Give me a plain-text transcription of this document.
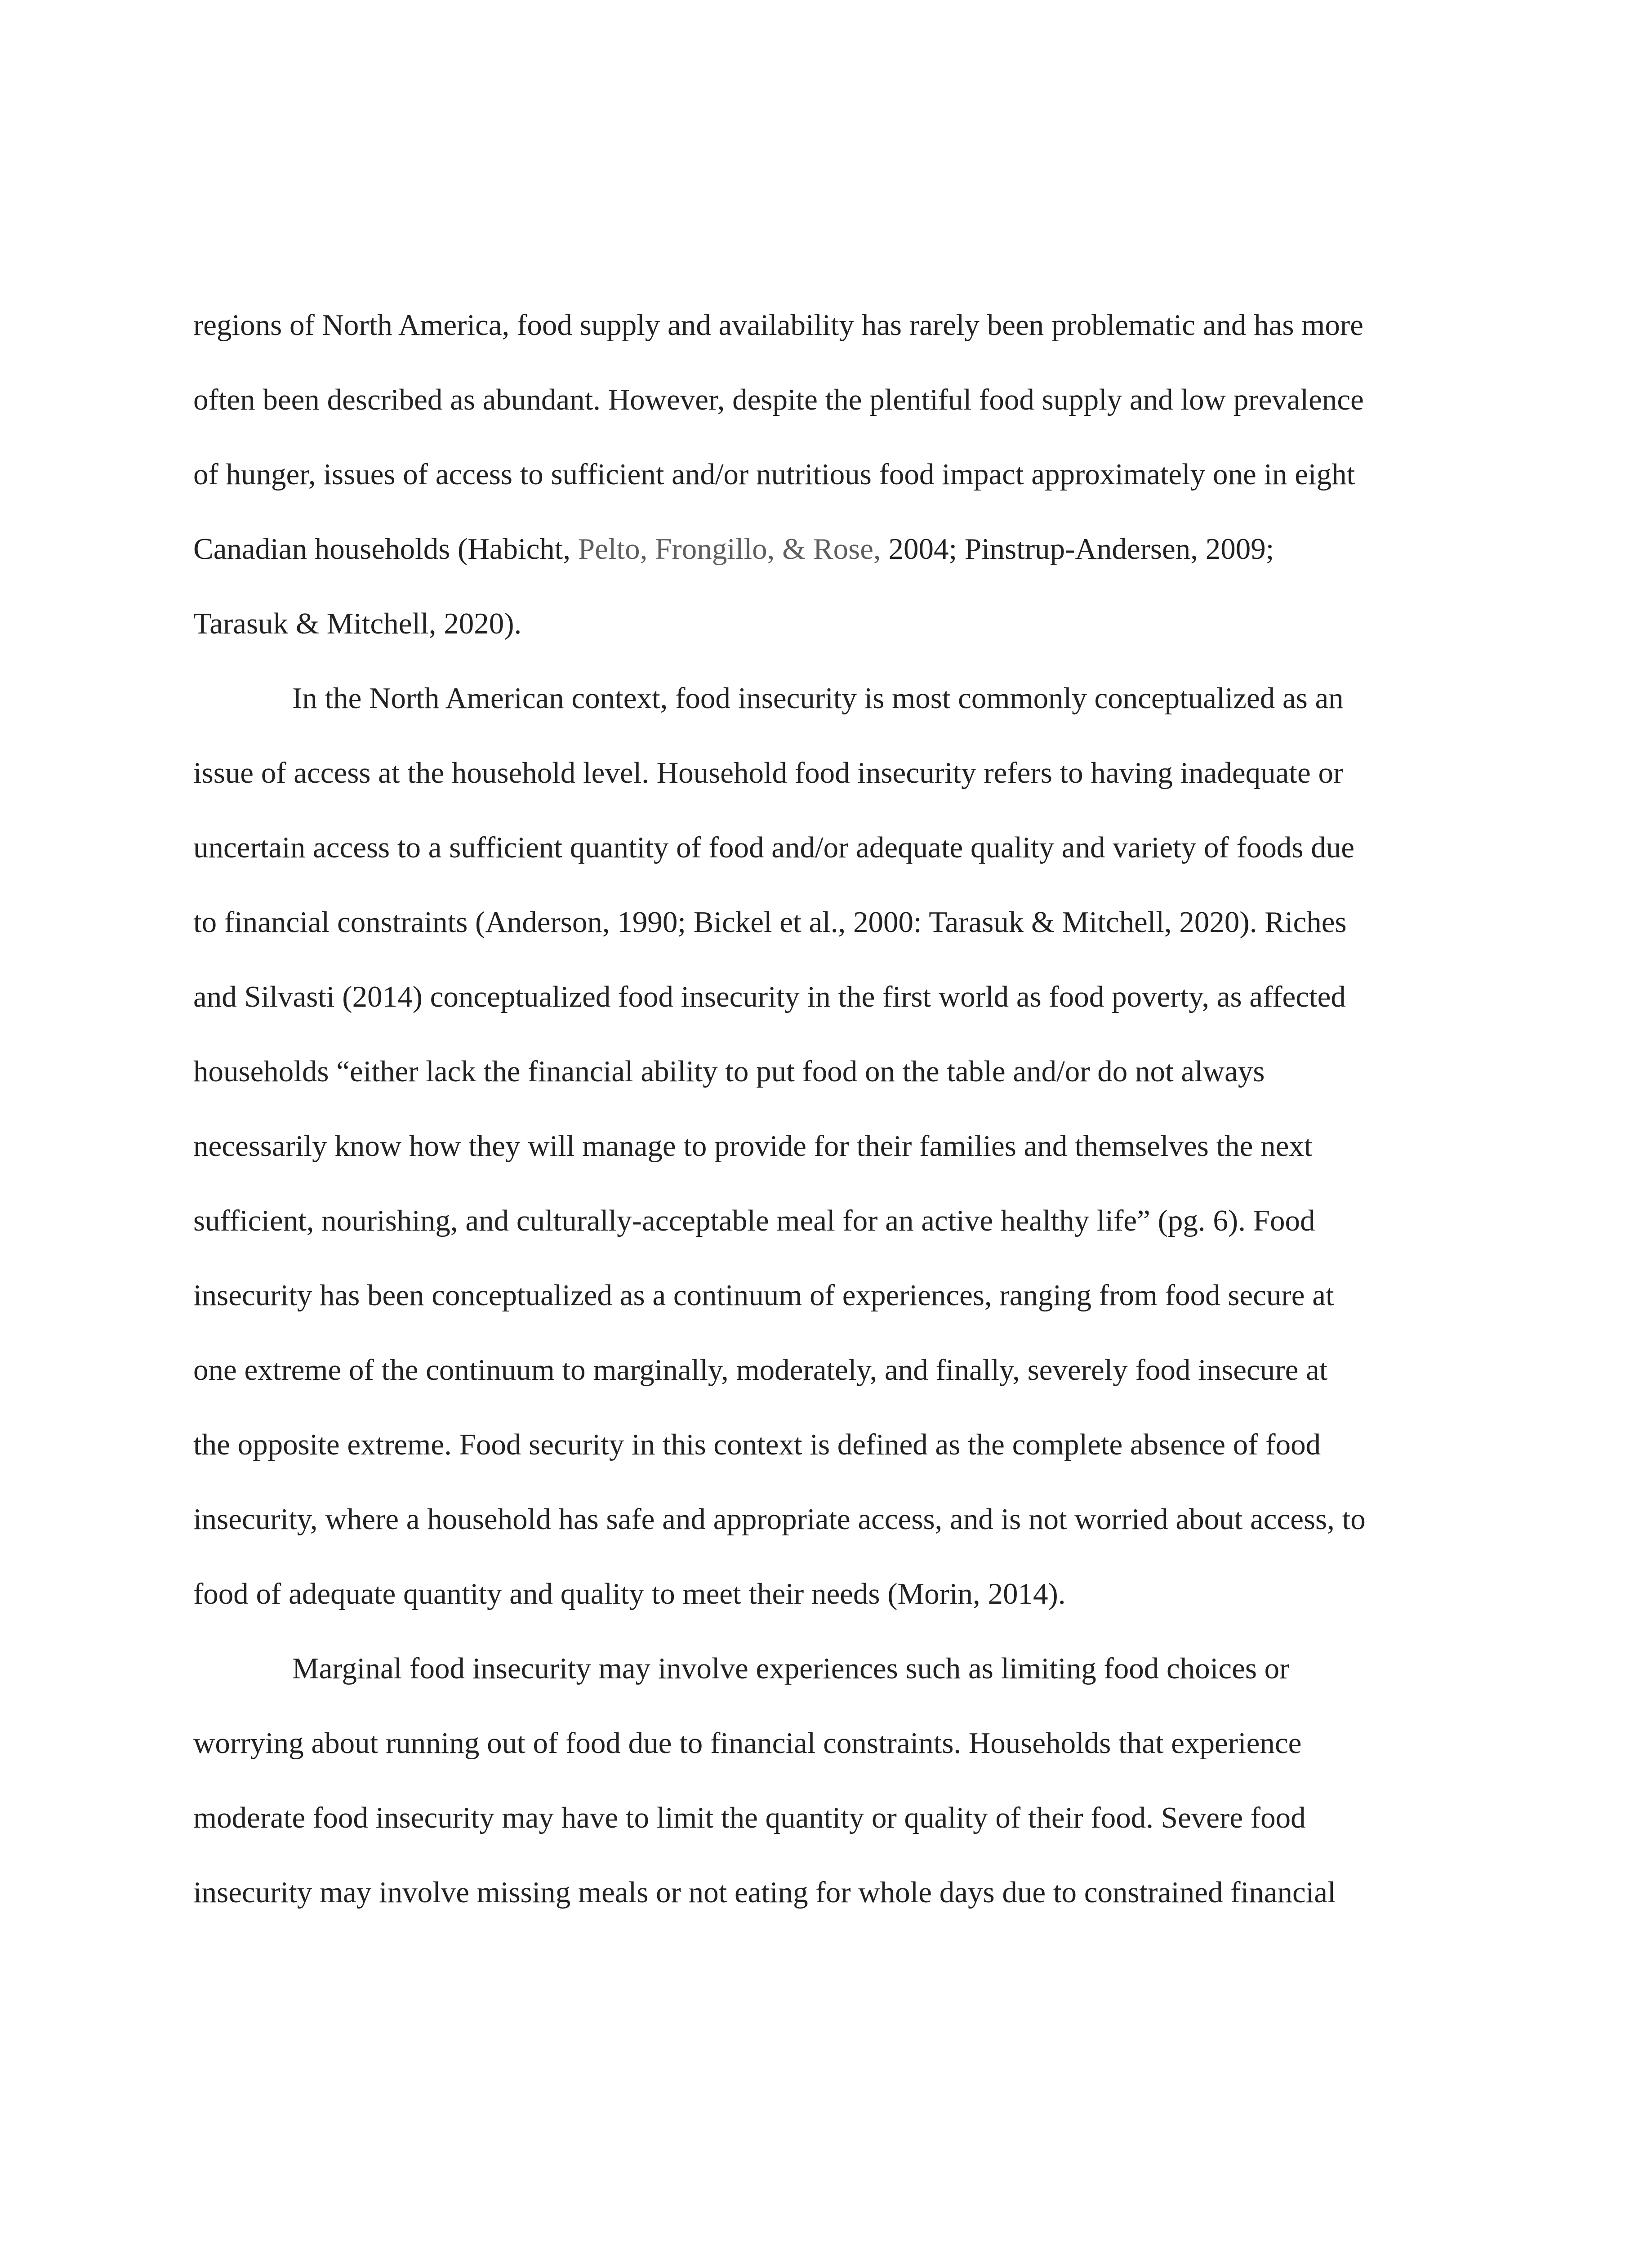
regions of North America, food supply and availability has rarely been problematic and has more
often been described as abundant. However, despite the plentiful food supply and low prevalence
of hunger, issues of access to sufficient and/or nutritious food impact approximately one in eight
Canadian households (Habicht, Pelto, Frongillo, & Rose, 2004; Pinstrup-Andersen, 2009;
Tarasuk & Mitchell, 2020).
In the North American context, food insecurity is most commonly conceptualized as an
issue of access at the household level. Household food insecurity refers to having inadequate or
uncertain access to a sufficient quantity of food and/or adequate quality and variety of foods due
to financial constraints (Anderson, 1990; Bickel et al., 2000: Tarasuk & Mitchell, 2020). Riches
and Silvasti (2014) conceptualized food insecurity in the first world as food poverty, as affected
households “either lack the financial ability to put food on the table and/or do not always
necessarily know how they will manage to provide for their families and themselves the next
sufficient, nourishing, and culturally-acceptable meal for an active healthy life” (pg. 6). Food
insecurity has been conceptualized as a continuum of experiences, ranging from food secure at
one extreme of the continuum to marginally, moderately, and finally, severely food insecure at
the opposite extreme. Food security in this context is defined as the complete absence of food
insecurity, where a household has safe and appropriate access, and is not worried about access, to
food of adequate quantity and quality to meet their needs (Morin, 2014).
Marginal food insecurity may involve experiences such as limiting food choices or
worrying about running out of food due to financial constraints. Households that experience
moderate food insecurity may have to limit the quantity or quality of their food. Severe food
insecurity may involve missing meals or not eating for whole days due to constrained financial
